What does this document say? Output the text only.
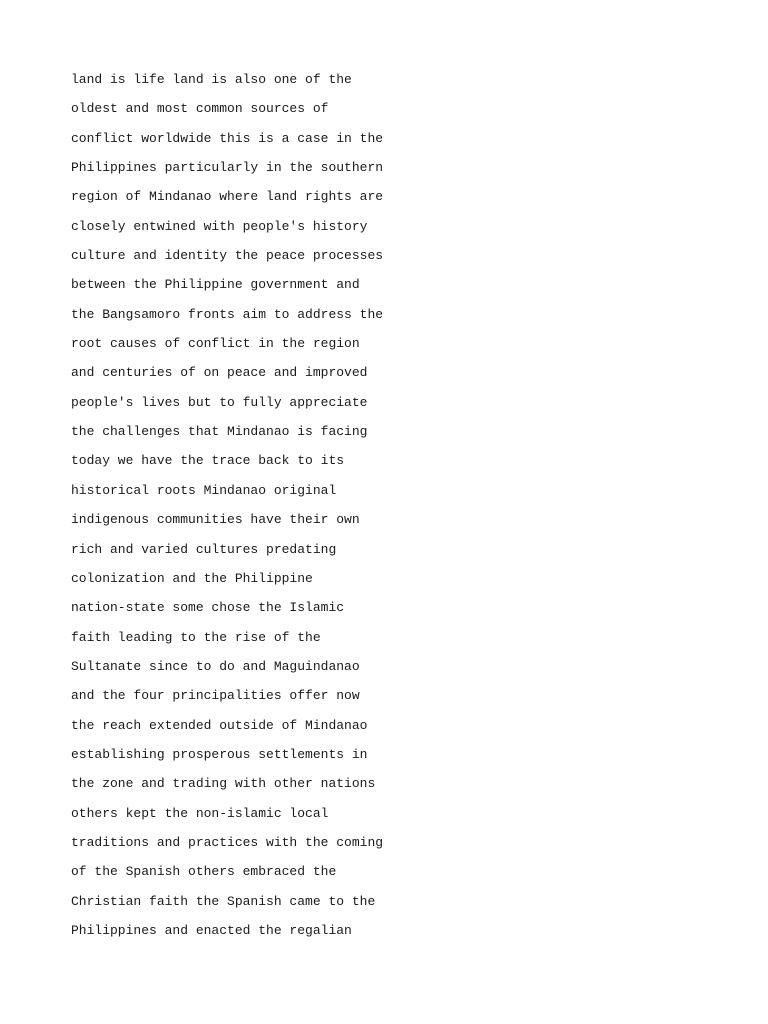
land is life land is also one of the
oldest and most common sources of
conflict worldwide this is a case in the
Philippines particularly in the southern
region of Mindanao where land rights are
closely entwined with people's history
culture and identity the peace processes
between the Philippine government and
the Bangsamoro fronts aim to address the
root causes of conflict in the region
and centuries of on peace and improved
people's lives but to fully appreciate
the challenges that Mindanao is facing
today we have the trace back to its
historical roots Mindanao original
indigenous communities have their own
rich and varied cultures predating
colonization and the Philippine
nation-state some chose the Islamic
faith leading to the rise of the
Sultanate since to do and Maguindanao
and the four principalities offer now
the reach extended outside of Mindanao
establishing prosperous settlements in
the zone and trading with other nations
others kept the non-islamic local
traditions and practices with the coming
of the Spanish others embraced the
Christian faith the Spanish came to the
Philippines and enacted the regalian
